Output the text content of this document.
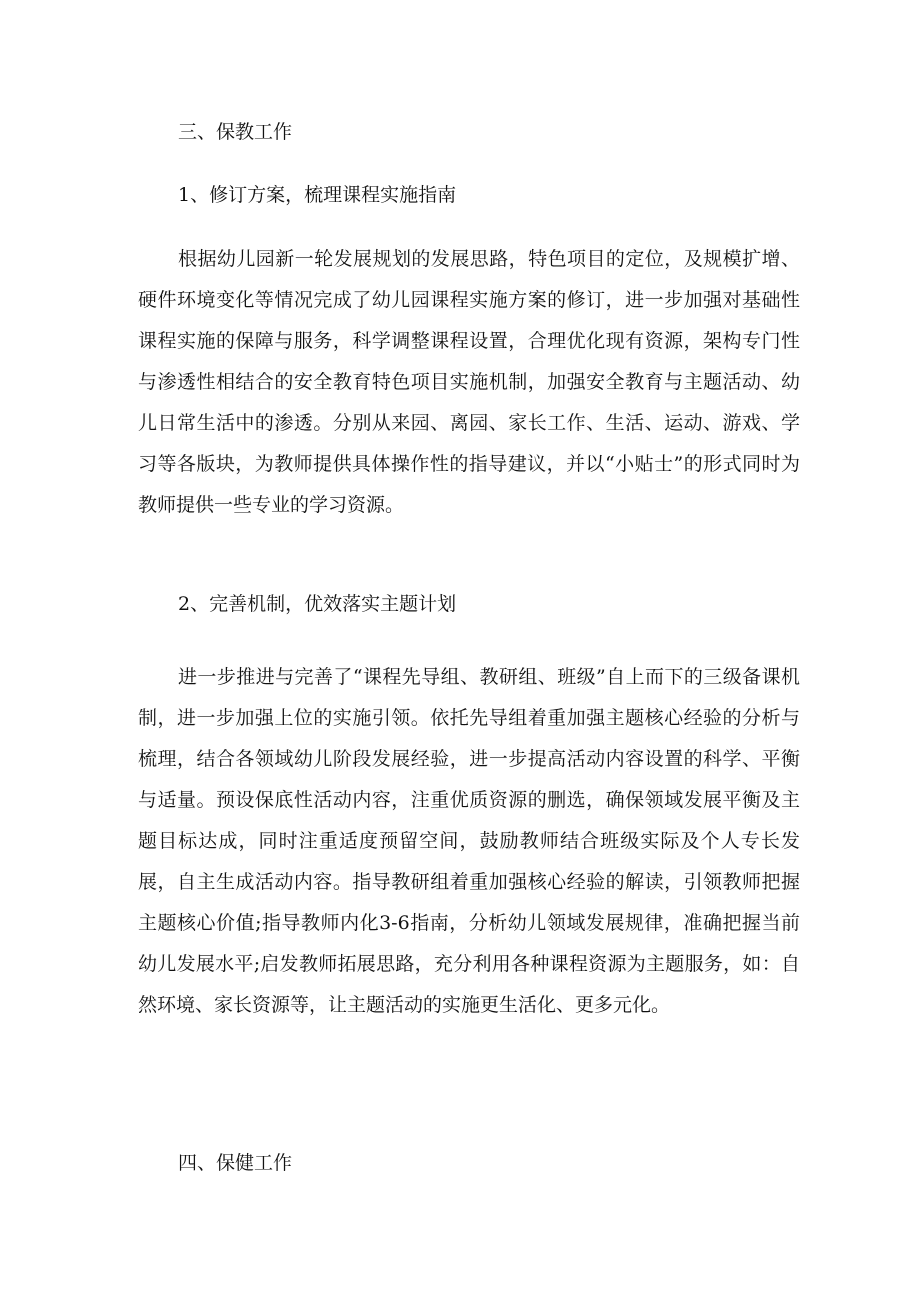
三、保教工作
1、修订方案，梳理课程实施指南

根据幼儿园新一轮发展规划的发展思路，特色项目的定位，及规模扩增、硬件环境变化等情况完成了幼儿园课程实施方案的修订，进一步加强对基础性课程实施的保障与服务，科学调整课程设置，合理优化现有资源，架构专门性与渗透性相结合的安全教育特色项目实施机制，加强安全教育与主题活动、幼儿日常生活中的渗透。分别从来园、离园、家长工作、生活、运动、游戏、学习等各版块，为教师提供具体操作性的指导建议，并以“小贴士”的形式同时为教师提供一些专业的学习资源。

2、完善机制，优效落实主题计划

进一步推进与完善了“课程先导组、教研组、班级”自上而下的三级备课机制，进一步加强上位的实施引领。依托先导组着重加强主题核心经验的分析与梳理，结合各领域幼儿阶段发展经验，进一步提高活动内容设置的科学、平衡与适量。预设保底性活动内容，注重优质资源的删选，确保领域发展平衡及主题目标达成，同时注重适度预留空间，鼓励教师结合班级实际及个人专长发展，自主生成活动内容。指导教研组着重加强核心经验的解读，引领教师把握主题核心价值;指导教师内化3-6指南，分析幼儿领域发展规律，准确把握当前幼儿发展水平;启发教师拓展思路，充分利用各种课程资源为主题服务，如：自然环境、家长资源等，让主题活动的实施更生活化、更多元化。

四、保健工作
